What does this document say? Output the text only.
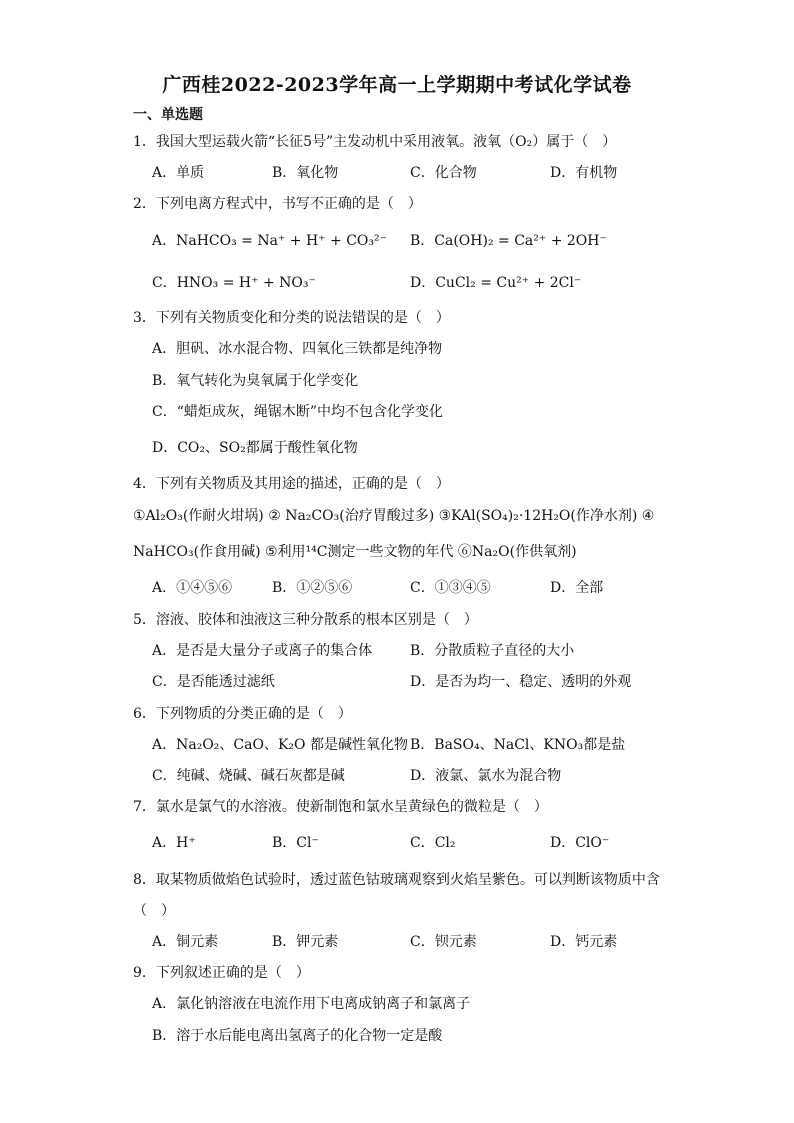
广西桂2022-2023学年高一上学期期中考试化学试卷
一、单选题
1．我国大型运载火箭“长征5号”主发动机中采用液氧。液氧（O₂）属于（　）
A．单质	B．氧化物	C．化合物	D．有机物
2．下列电离方程式中，书写不正确的是（　）
A．NaHCO₃ = Na⁺ + H⁺ + CO₃²⁻ B．Ca(OH)₂ = Ca²⁺ + 2OH⁻
C．HNO₃ = H⁺ + NO₃⁻	D．CuCl₂ = Cu²⁺ + 2Cl⁻
3．下列有关物质变化和分类的说法错误的是（　）
A．胆矾、冰水混合物、四氧化三铁都是纯净物
B．氧气转化为臭氧属于化学变化
C．“蜡炬成灰，绳锯木断”中均不包含化学变化
D．CO₂、SO₂都属于酸性氧化物
4．下列有关物质及其用途的描述，正确的是（　）
①Al₂O₃(作耐火坩埚) ② Na₂CO₃(治疗胃酸过多) ③KAl(SO₄)₂·12H₂O(作净水剂) ④
NaHCO₃(作食用碱) ⑤利用¹⁴C测定一些文物的年代 ⑥Na₂O(作供氧剂)
A．①④⑤⑥	B．①②⑤⑥	C．①③④⑤	D．全部
5．溶液、胶体和浊液这三种分散系的根本区别是（　）
A．是否是大量分子或离子的集合体	B．分散质粒子直径的大小
C．是否能透过滤纸	D．是否为均一、稳定、透明的外观
6．下列物质的分类正确的是（　）
A．Na₂O₂、CaO、K₂O 都是碱性氧化物 B．BaSO₄、NaCl、KNO₃都是盐
C．纯碱、烧碱、碱石灰都是碱	D．液氯、氯水为混合物
7．氯水是氯气的水溶液。使新制饱和氯水呈黄绿色的微粒是（　）
A．H⁺	B．Cl⁻	C．Cl₂	D．ClO⁻
8．取某物质做焰色试验时，透过蓝色钴玻璃观察到火焰呈紫色。可以判断该物质中含
（　）
A．铜元素	B．钾元素	C．钡元素	D．钙元素
9．下列叙述正确的是（　）
A．氯化钠溶液在电流作用下电离成钠离子和氯离子
B．溶于水后能电离出氢离子的化合物一定是酸
